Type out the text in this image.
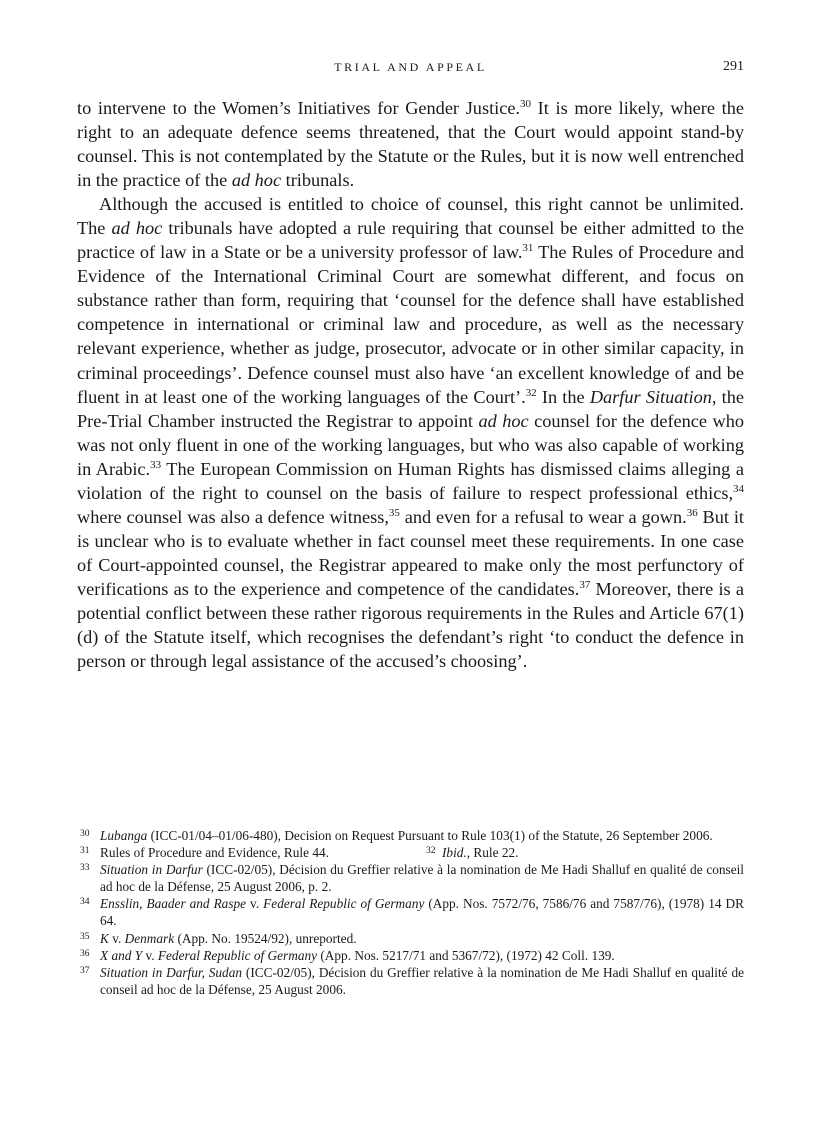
TRIAL AND APPEAL	291

to intervene to the Women’s Initiatives for Gender Justice.$^{30}$ It is more likely, where the right to an adequate defence seems threatened, that the Court would appoint stand-by counsel. This is not contemplated by the Statute or the Rules, but it is now well entrenched in the practice of the ad hoc tribunals.

Although the accused is entitled to choice of counsel, this right cannot be unlimited. The ad hoc tribunals have adopted a rule requiring that counsel be either admitted to the practice of law in a State or be a university professor of law.$^{31}$ The Rules of Procedure and Evidence of the International Criminal Court are somewhat different, and focus on substance rather than form, requiring that ‘counsel for the defence shall have established competence in international or criminal law and procedure, as well as the necessary relevant experience, whether as judge, prosecutor, advocate or in other similar capacity, in criminal proceedings’. Defence counsel must also have ‘an excellent knowledge of and be fluent in at least one of the working languages of the Court’.$^{32}$ In the Darfur Situation, the Pre-Trial Chamber instructed the Registrar to appoint ad hoc counsel for the defence who was not only fluent in one of the working languages, but who was also capable of working in Arabic.$^{33}$ The European Commission on Human Rights has dismissed claims alleging a violation of the right to counsel on the basis of failure to respect professional ethics,$^{34}$ where counsel was also a defence witness,$^{35}$ and even for a refusal to wear a gown.$^{36}$ But it is unclear who is to evaluate whether in fact counsel meet these requirements. In one case of Court-appointed counsel, the Registrar appeared to make only the most perfunctory of verifications as to the experience and competence of the candidates.$^{37}$ Moreover, there is a potential conflict between these rather rigorous requirements in the Rules and Article 67(1)(d) of the Statute itself, which recognises the defendant’s right ‘to conduct the defence in person or through legal assistance of the accused’s choosing’.

30 Lubanga (ICC-01/04–01/06-480), Decision on Request Pursuant to Rule 103(1) of the Statute, 26 September 2006.

31 Rules of Procedure and Evidence, Rule 44.	32 Ibid., Rule 22.

33 Situation in Darfur (ICC-02/05), Décision du Greffier relative à la nomination de Me Hadi Shalluf en qualité de conseil ad hoc de la Défense, 25 August 2006, p. 2.

34 Ensslin, Baader and Raspe v. Federal Republic of Germany (App. Nos. 7572/76, 7586/76 and 7587/76), (1978) 14 DR 64.

35 K v. Denmark (App. No. 19524/92), unreported.

36 X and Y v. Federal Republic of Germany (App. Nos. 5217/71 and 5367/72), (1972) 42 Coll. 139.

37 Situation in Darfur, Sudan (ICC-02/05), Décision du Greffier relative à la nomination de Me Hadi Shalluf en qualité de conseil ad hoc de la Défense, 25 August 2006.
